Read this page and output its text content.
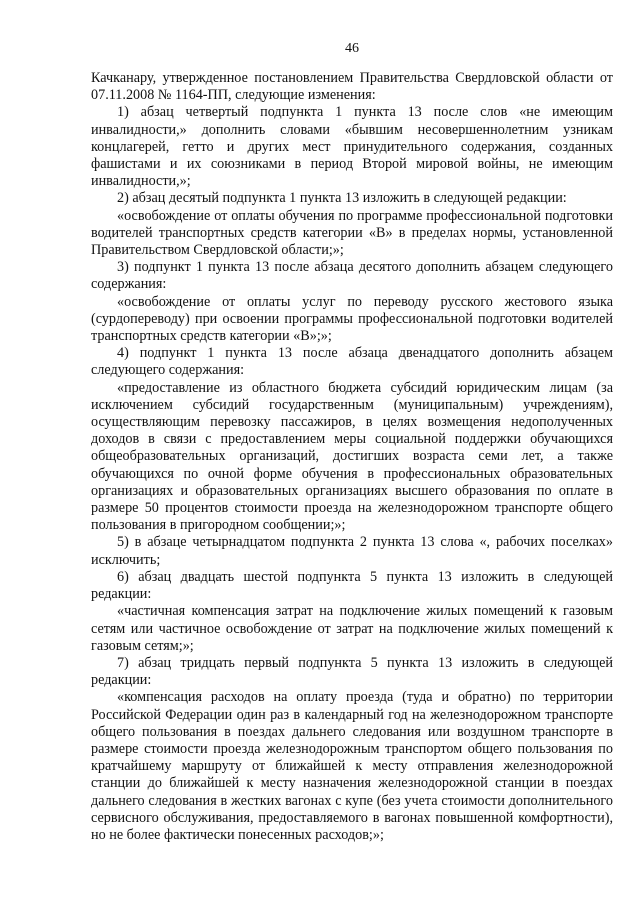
46

Качканару, утвержденное постановлением Правительства Свердловской области от 07.11.2008 № 1164-ПП, следующие изменения:

1) абзац четвертый подпункта 1 пункта 13 после слов «не имеющим инвалидности,» дополнить словами «бывшим несовершеннолетним узникам концлагерей, гетто и других мест принудительного содержания, созданных фашистами и их союзниками в период Второй мировой войны, не имеющим инвалидности,»;

2) абзац десятый подпункта 1 пункта 13 изложить в следующей редакции:

«освобождение от оплаты обучения по программе профессиональной подготовки водителей транспортных средств категории «В» в пределах нормы, установленной Правительством Свердловской области;»;

3) подпункт 1 пункта 13 после абзаца десятого дополнить абзацем следующего содержания:

«освобождение от оплаты услуг по переводу русского жестового языка (сурдопереводу) при освоении программы профессиональной подготовки водителей транспортных средств категории «В»;»;

4) подпункт 1 пункта 13 после абзаца двенадцатого дополнить абзацем следующего содержания:

«предоставление из областного бюджета субсидий юридическим лицам (за исключением субсидий государственным (муниципальным) учреждениям), осуществляющим перевозку пассажиров, в целях возмещения недополученных доходов в связи с предоставлением меры социальной поддержки обучающихся общеобразовательных организаций, достигших возраста семи лет, а также обучающихся по очной форме обучения в профессиональных образовательных организациях и образовательных организациях высшего образования по оплате в размере 50 процентов стоимости проезда на железнодорожном транспорте общего пользования в пригородном сообщении;»;

5) в абзаце четырнадцатом подпункта 2 пункта 13 слова «, рабочих поселках» исключить;

6) абзац двадцать шестой подпункта 5 пункта 13 изложить в следующей редакции:

«частичная компенсация затрат на подключение жилых помещений к газовым сетям или частичное освобождение от затрат на подключение жилых помещений к газовым сетям;»;

7) абзац тридцать первый подпункта 5 пункта 13 изложить в следующей редакции:

«компенсация расходов на оплату проезда (туда и обратно) по территории Российской Федерации один раз в календарный год на железнодорожном транспорте общего пользования в поездах дальнего следования или воздушном транспорте в размере стоимости проезда железнодорожным транспортом общего пользования по кратчайшему маршруту от ближайшей к месту отправления железнодорожной станции до ближайшей к месту назначения железнодорожной станции в поездах дальнего следования в жестких вагонах с купе (без учета стоимости дополнительного сервисного обслуживания, предоставляемого в вагонах повышенной комфортности), но не более фактически понесенных расходов;»;
